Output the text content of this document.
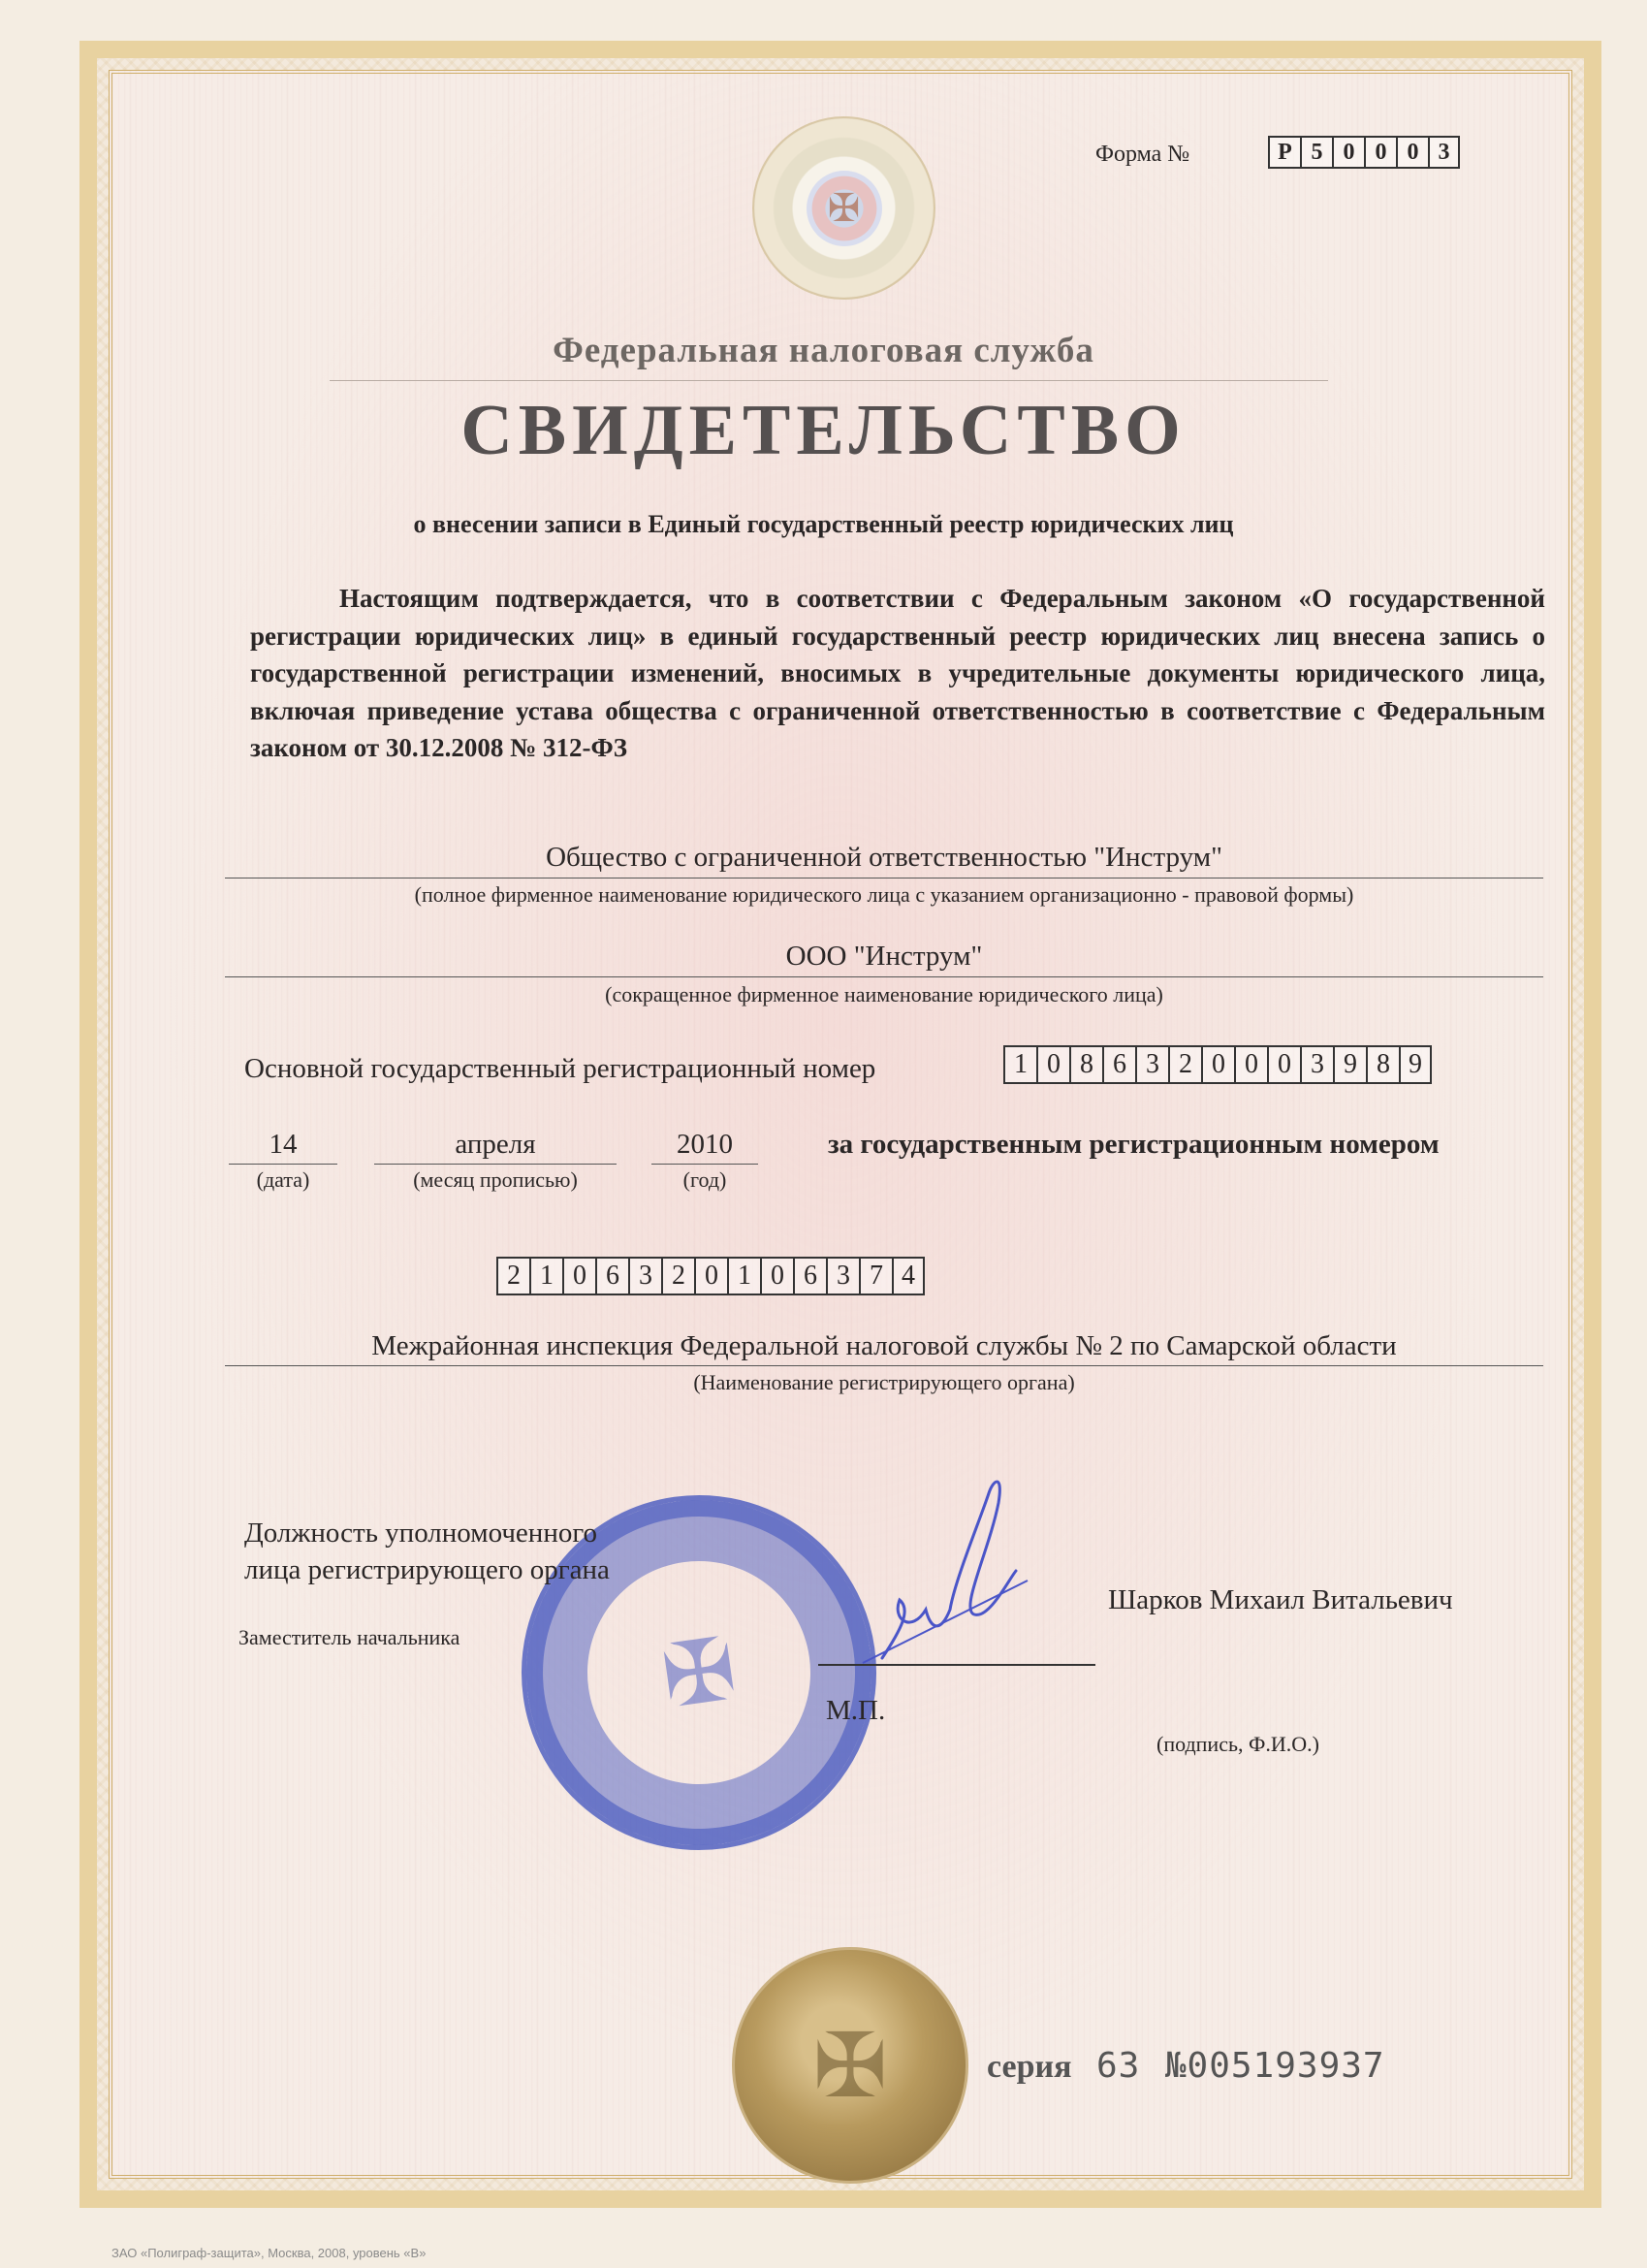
✠
Форма №	Р 5 0 0 0 3
Федеральная налоговая служба
СВИДЕТЕЛЬСТВО
о внесении записи в Единый государственный реестр юридических лиц
Настоящим подтверждается, что в соответствии с Федеральным законом «О государственной регистрации юридических лиц» в единый государственный реестр юридических лиц внесена запись о государственной регистрации изменений, вносимых в учредительные документы юридического лица, включая приведение устава общества с ограниченной ответственностью в соответствие с Федеральным законом от 30.12.2008 № 312-ФЗ
Общество с ограниченной ответственностью "Инструм"
(полное фирменное наименование юридического лица с указанием организационно - правовой формы)
ООО "Инструм"
(сокращенное фирменное наименование юридического лица)
Основной государственный регистрационный номер	1 0 8 6 3 2 0 0 0 3 9 8 9
14
(дата)
апреля
(месяц прописью)
2010
(год)
за государственным регистрационным номером
2 1 0 6 3 2 0 1 0 6 3 7 4
Межрайонная инспекция Федеральной налоговой службы № 2 по Самарской области
(Наименование регистрирующего органа)
✠
Должность уполномоченного
лица регистрирующего органа
Заместитель начальника
Шарков Михаил Витальевич
М.П.
(подпись, Ф.И.О.)
✠	серия 63 №005193937
ЗАО «Полиграф-защита», Москва, 2008, уровень «В»
